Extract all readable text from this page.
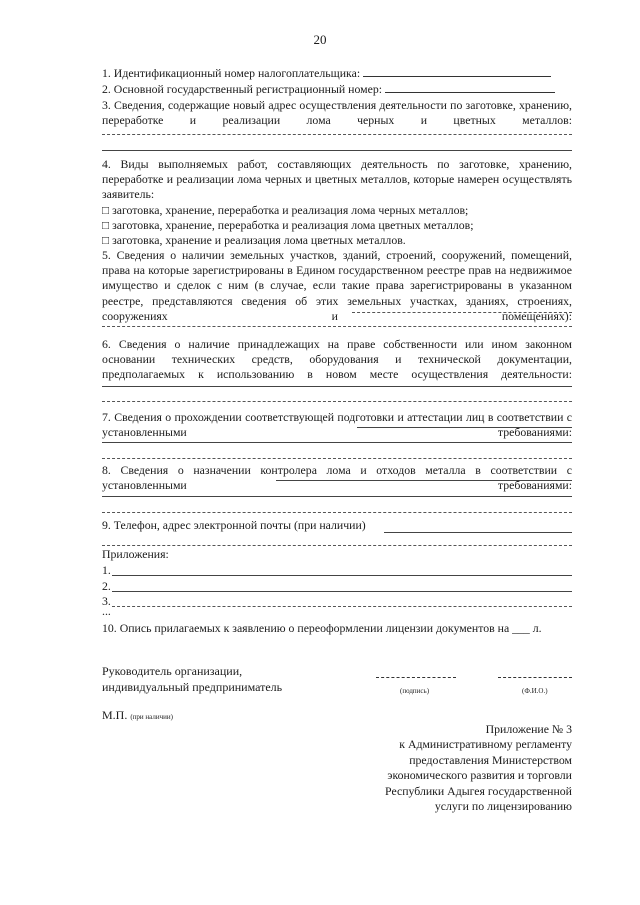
20
1. Идентификационный номер налогоплательщика:
2. Основной государственный регистрационный номер:
3. Сведения, содержащие новый адрес осуществления деятельности по заготовке, хранению, переработке и реализации лома черных и цветных металлов:
4. Виды выполняемых работ, составляющих деятельность по заготовке, хранению, переработке и реализации лома черных и цветных металлов, которые намерен осуществлять заявитель:
□ заготовка, хранение, переработка и реализация лома черных металлов;
□ заготовка, хранение, переработка и реализация лома цветных металлов;
□ заготовка, хранение и реализация лома цветных металлов.
5. Сведения о наличии земельных участков, зданий, строений, сооружений, помещений, права на которые зарегистрированы в Едином государственном реестре прав на недвижимое имущество и сделок с ним (в случае, если такие права зарегистрированы в указанном реестре, представляются сведения об этих земельных участках, зданиях, строениях, сооружениях и помещениях):
6. Сведения о наличие принадлежащих на праве собственности или ином законном основании технических средств, оборудования и технической документации, предполагаемых к использованию в новом месте осуществления деятельности:
7. Сведения о прохождении соответствующей подготовки и аттестации лиц в соответствии с установленными требованиями:
8. Сведения о назначении контролера лома и отходов металла в соответствии с установленными требованиями:
9. Телефон, адрес электронной почты (при наличии)
Приложения:
1.
2.
3.
...
10. Опись прилагаемых к заявлению о переоформлении лицензии документов на ___ л.
Руководитель организации,
индивидуальный предприниматель	(подпись)	(Ф.И.О.)
М.П. (при наличии)
Приложение № 3
к Административному регламенту
предоставления Министерством
экономического развития и торговли
Республики Адыгея государственной
услуги по лицензированию
